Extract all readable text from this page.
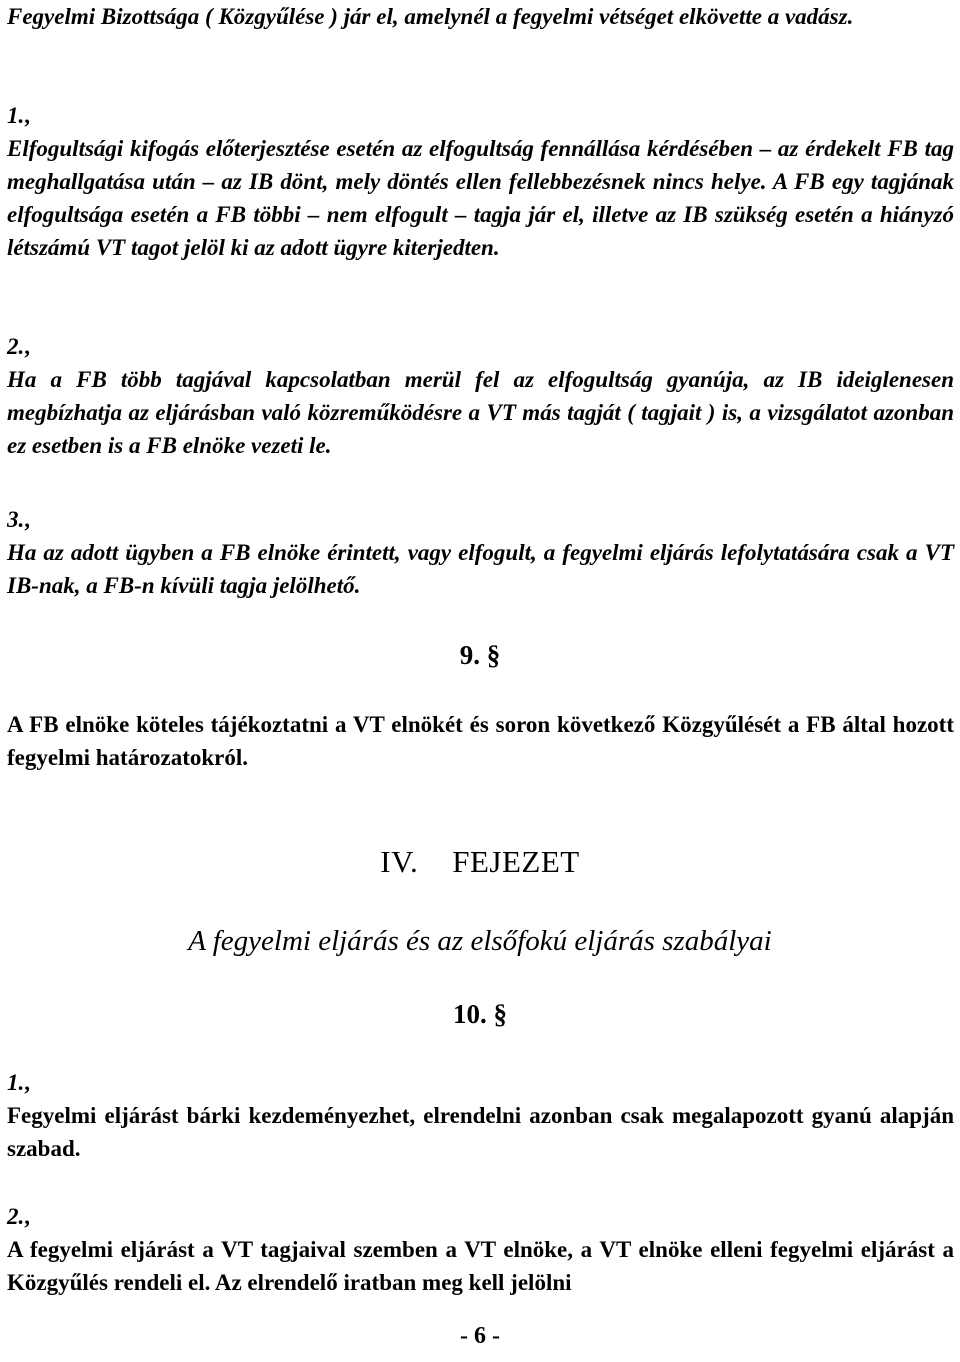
Fegyelmi Bizottsága ( Közgyűlése ) jár el, amelynél a fegyelmi vétséget elkövette a vadász.

1.,

Elfogultsági kifogás előterjesztése esetén az elfogultság fennállása kérdésében – az érdekelt FB tag meghallgatása után – az IB dönt, mely döntés ellen fellebbezésnek nincs helye. A FB egy tagjának elfogultsága esetén a FB többi – nem elfogult – tagja jár el, illetve az IB szükség esetén a hiányzó létszámú VT tagot jelöl ki az adott ügyre kiterjedten.

2.,

Ha a FB több tagjával kapcsolatban merül fel az elfogultság gyanúja, az IB ideiglenesen megbízhatja az eljárásban való közreműködésre a VT más tagját ( tagjait ) is, a vizsgálatot azonban ez esetben is a FB elnöke vezeti le.

3.,

Ha az adott ügyben a FB elnöke érintett, vagy elfogult, a fegyelmi eljárás lefolytatására csak a VT IB-nak, a FB-n kívüli tagja jelölhető.

9. §

A FB elnöke köteles tájékoztatni a VT elnökét és soron következő Közgyűlését a FB által hozott fegyelmi határozatokról.

IV. FEJEZET

A fegyelmi eljárás és az elsőfokú eljárás szabályai

10. §

1.,

Fegyelmi eljárást bárki kezdeményezhet, elrendelni azonban csak megalapozott gyanú alapján szabad.

2.,

A fegyelmi eljárást a VT tagjaival szemben a VT elnöke, a VT elnöke elleni fegyelmi eljárást a Közgyűlés rendeli el. Az elrendelő iratban meg kell jelölni

- 6 -
